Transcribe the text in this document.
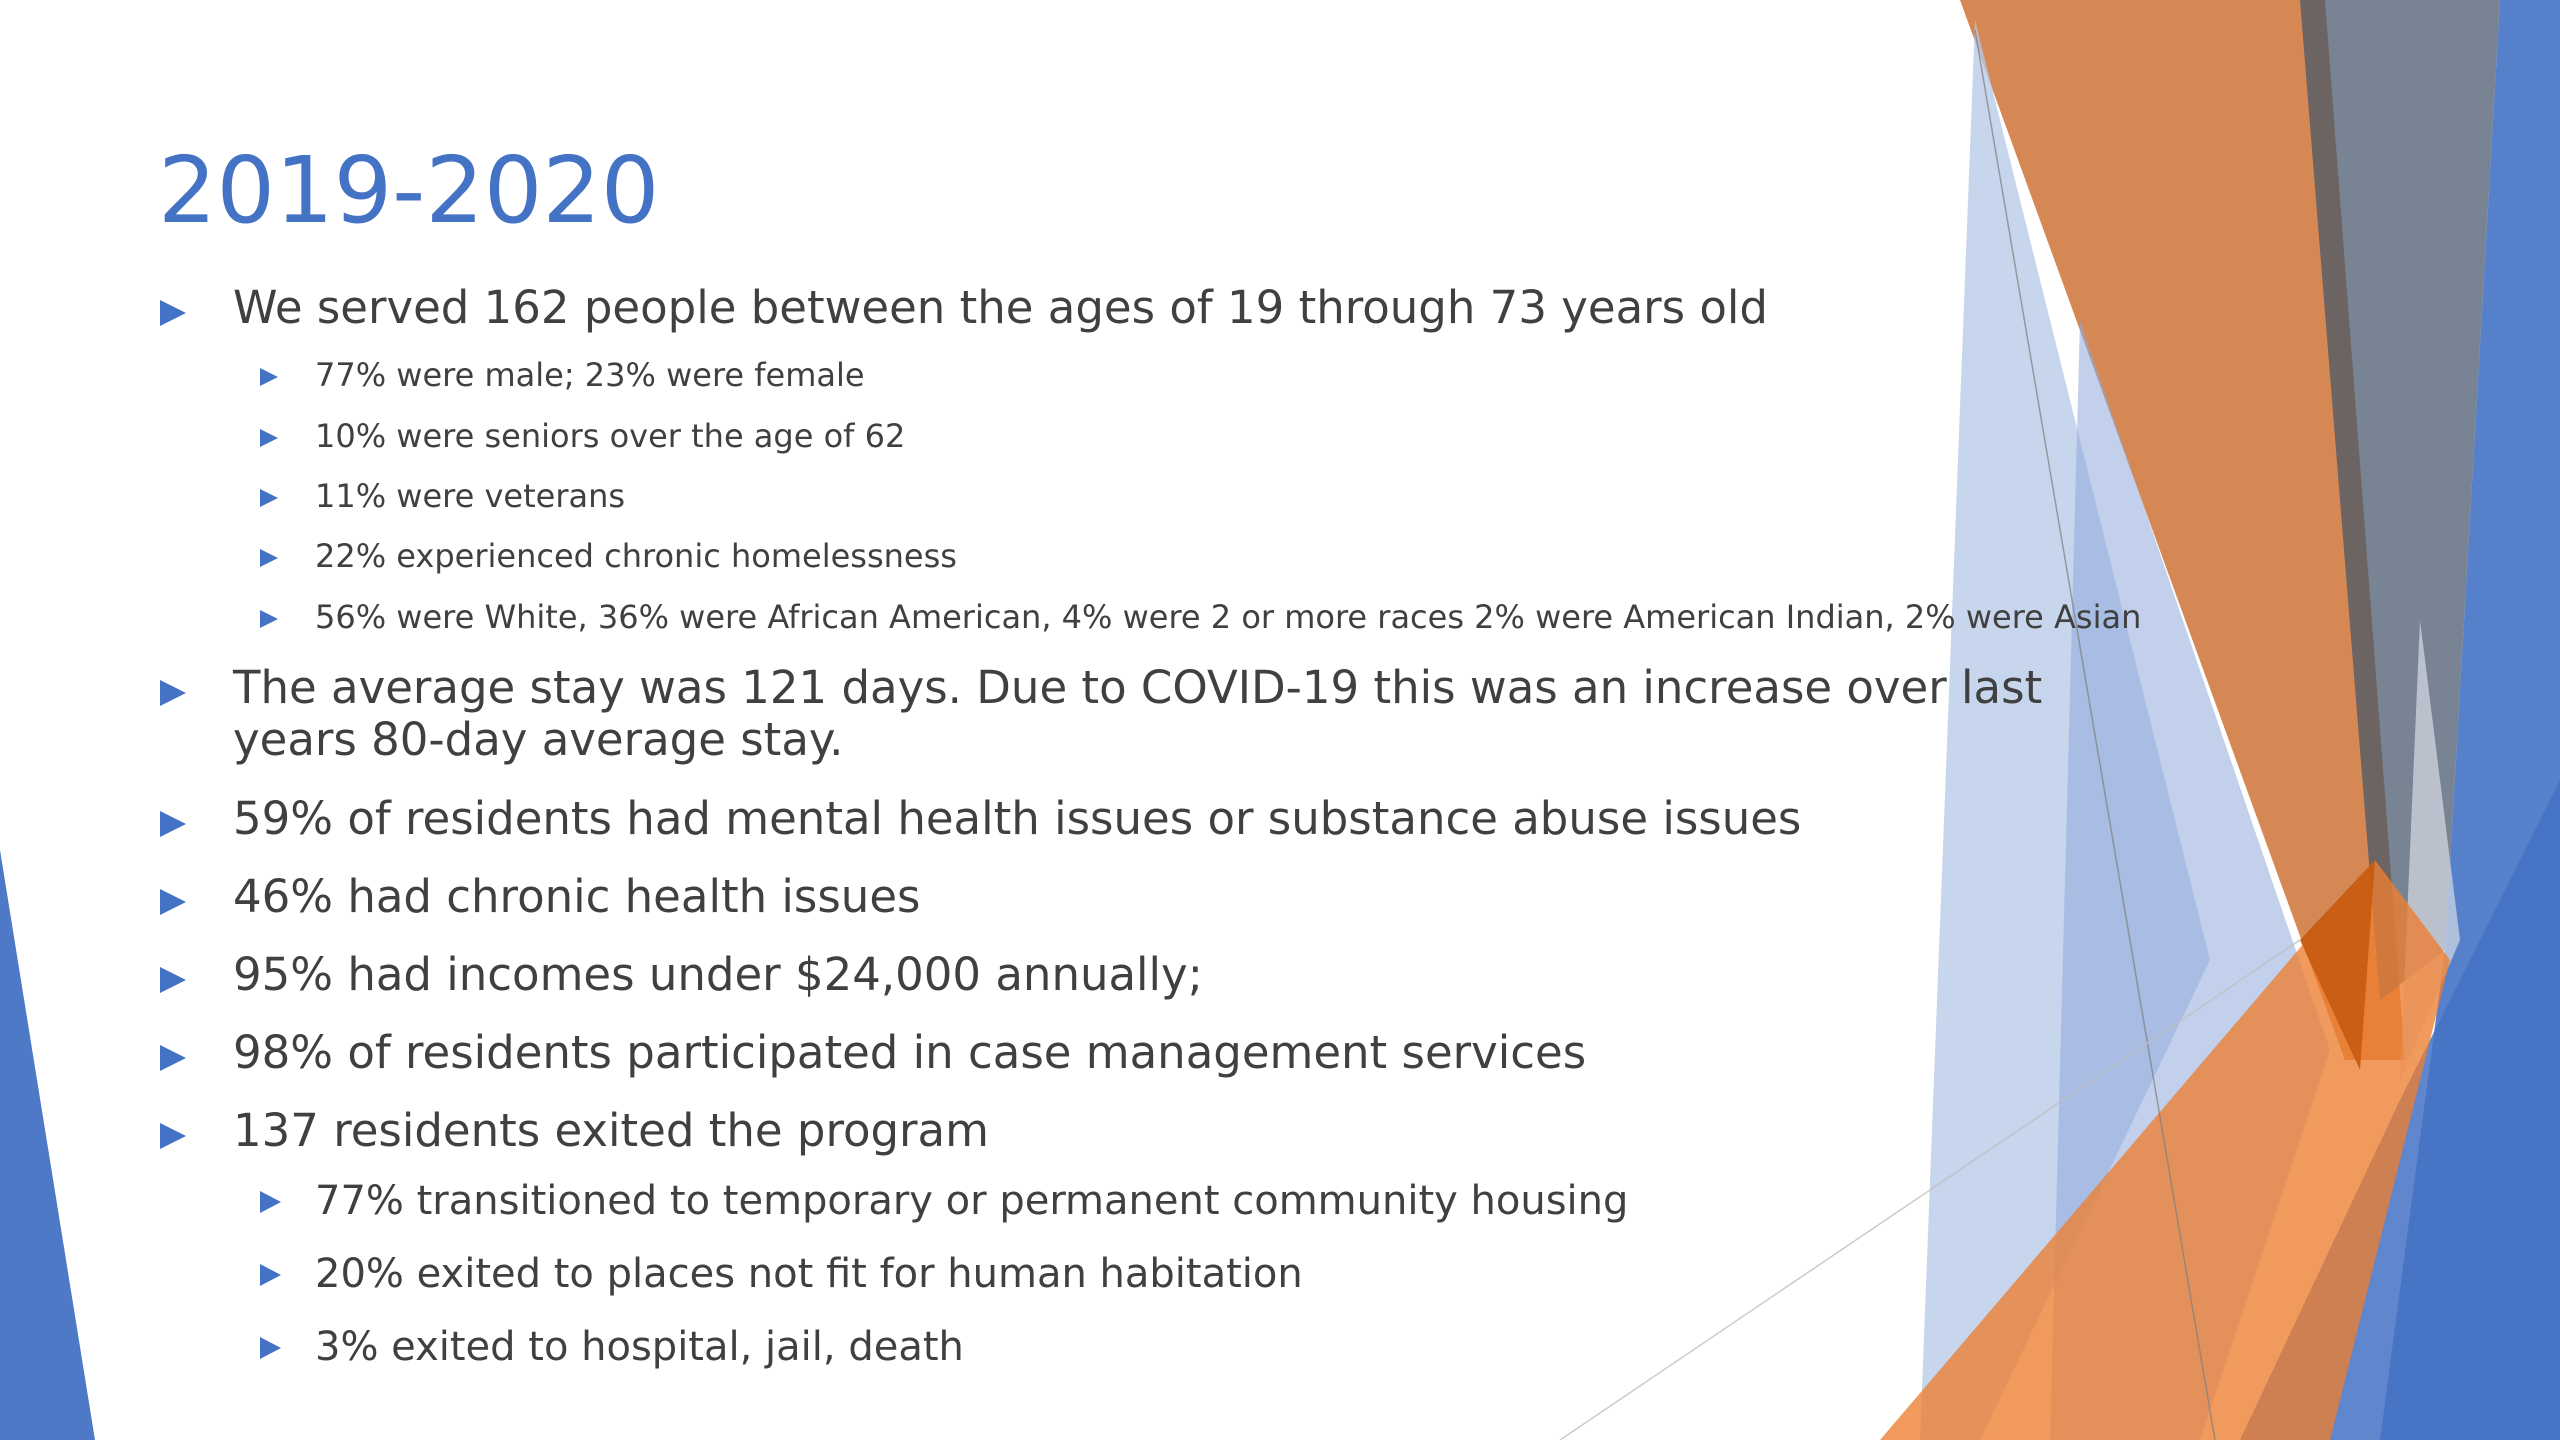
2019-2020
We served 162 people between the ages of 19 through 73 years old
77% were male; 23% were female
10% were seniors over the age of 62
11% were veterans
22% experienced chronic homelessness
56% were White, 36% were African American, 4% were 2 or more races 2% were American Indian, 2% were Asian
The average stay was 121 days. Due to COVID-19 this was an increase over last years 80-day average stay.
59% of residents had mental health issues or substance abuse issues
46% had chronic health issues
95% had incomes under $24,000 annually;
98% of residents participated in case management services
137 residents exited the program
77% transitioned to temporary or permanent community housing
20% exited to places not fit for human habitation
3% exited to hospital, jail, death
